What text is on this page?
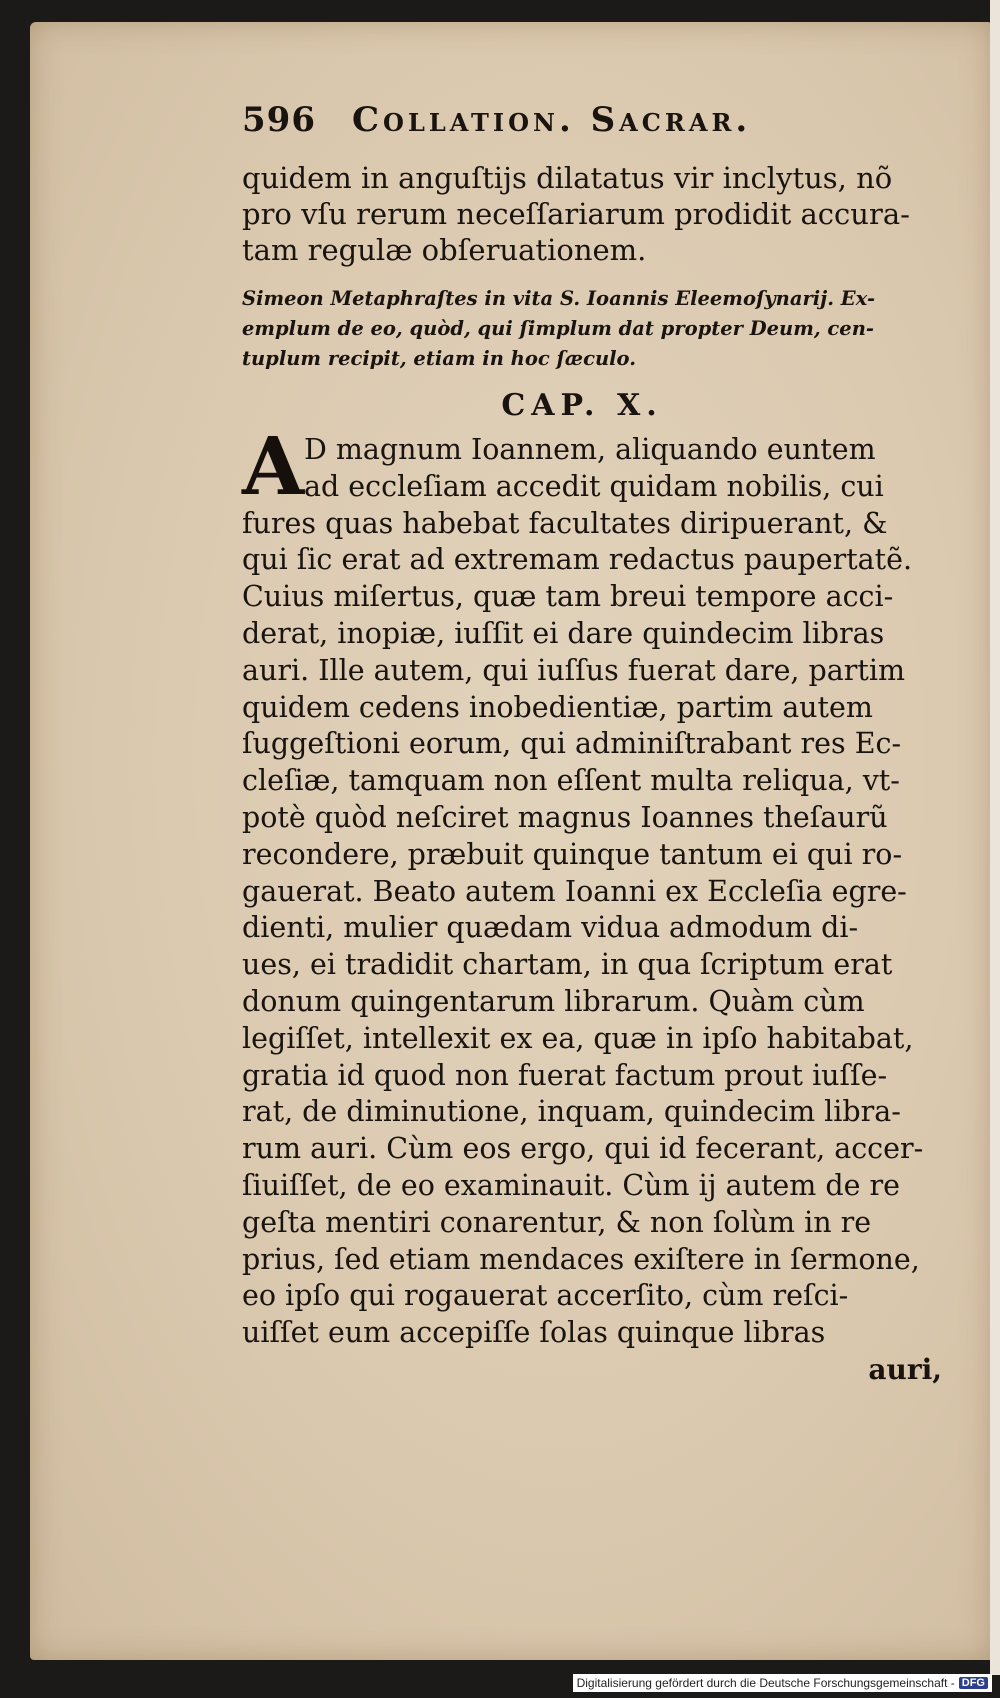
596 Collation. Sacrar.
quidem in anguſtijs dilatatus vir inclytus, nõ
pro vſu rerum neceſſariarum prodidit accura-
tam regulæ obſeruationem.
Simeon Metaphraſtes in vita S. Ioannis Eleemoſynarij. Ex-
emplum de eo, quòd, qui ſimplum dat propter Deum, cen-
tuplum recipit, etiam in hoc ſæculo.
CAP. X.
A D magnum Ioannem, aliquando euntem
ad eccleſiam accedit quidam nobilis, cui
fures quas habebat facultates diripuerant, &
qui ſic erat ad extremam redactus paupertatẽ.
Cuius miſertus, quæ tam breui tempore acci-
derat, inopiæ, iuſſit ei dare quindecim libras
auri. Ille autem, qui iuſſus fuerat dare, partim
quidem cedens inobedientiæ, partim autem
ſuggeſtioni eorum, qui adminiſtrabant res Ec-
cleſiæ, tamquam non eſſent multa reliqua, vt-
potè quòd neſciret magnus Ioannes theſaurũ
recondere, præbuit quinque tantum ei qui ro-
gauerat. Beato autem Ioanni ex Eccleſia egre-
dienti, mulier quædam vidua admodum di-
ues, ei tradidit chartam, in qua ſcriptum erat
donum quingentarum librarum. Quàm cùm
legiſſet, intellexit ex ea, quæ in ipſo habitabat,
gratia id quod non fuerat factum prout iuſſe-
rat, de diminutione, inquam, quindecim libra-
rum auri. Cùm eos ergo, qui id fecerant, accer-
ſiuiſſet, de eo examinauit. Cùm ij autem de re
geſta mentiri conarentur, & non ſolùm in re
prius, ſed etiam mendaces exiſtere in ſermone,
eo ipſo qui rogauerat accerſito, cùm reſci-
uiſſet eum accepiſſe ſolas quinque libras
auri,
Digitalisierung gefördert durch die Deutsche Forschungsgemeinschaft - DFG
